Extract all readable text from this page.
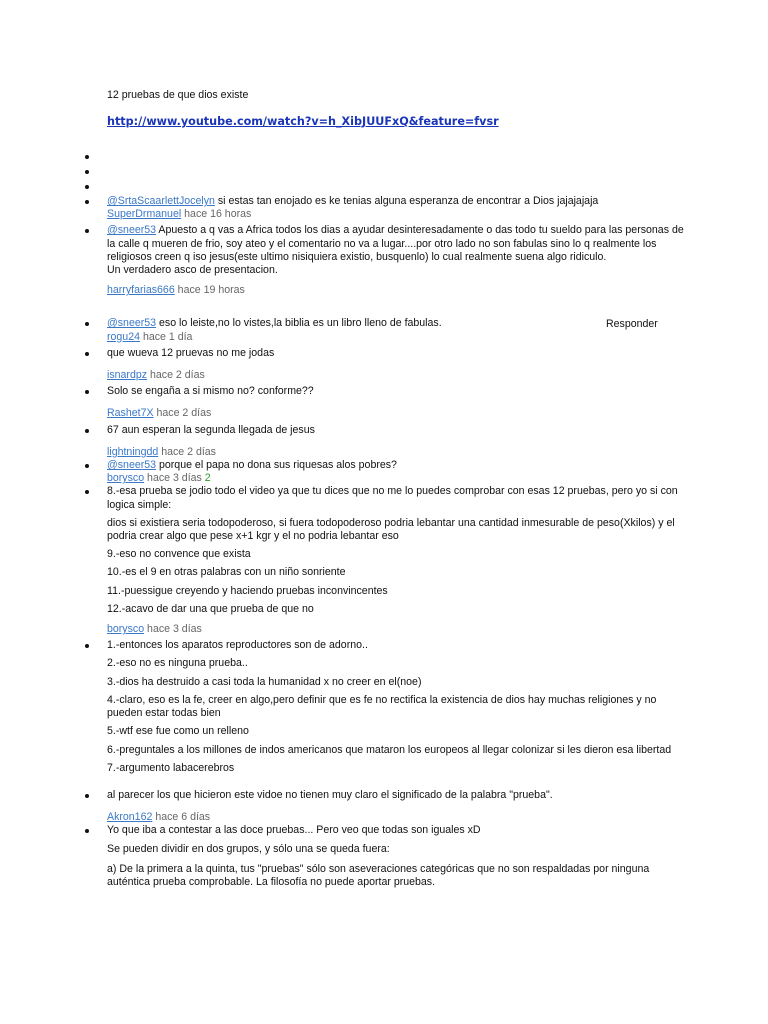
12 pruebas de que dios existe
http://www.youtube.com/watch?v=h_XibJUUFxQ&feature=fvsr
@SrtaScaarlettJocelyn si estas tan enojado es ke tenias alguna esperanza de encontrar a Dios jajajajaja
SuperDrmanuel hace 16 horas
@sneer53 Apuesto a q vas a Africa todos los dias a ayudar desinteresadamente o das todo tu sueldo para las personas de la calle q mueren de frio, soy ateo y el comentario no va a lugar....por otro lado no son fabulas sino lo q realmente los religiosos creen q iso jesus(este ultimo nisiquiera existio, busquenlo) lo cual realmente suena algo ridiculo.
Un verdadero asco de presentacion.
harryfarias666 hace 19 horas
@sneer53 eso lo leiste,no lo vistes,la biblia es un libro lleno de fabulas.
rogu24 hace 1 día
que wueva 12 pruevas no me jodas
isnardpz hace 2 días
Solo se engaña a si mismo no? conforme??
Rashet7X hace 2 días
67 aun esperan la segunda llegada de jesus
lightningdd hace 2 días
@sneer53 porque el papa no dona sus riquesas alos pobres?
borysco hace 3 días 2
8.-esa prueba se jodio todo el video ya que tu dices que no me lo puedes comprobar con esas 12 pruebas, pero yo si con logica simple:
dios si existiera seria todopoderoso, si fuera todopoderoso podria lebantar una cantidad inmesurable de peso(Xkilos) y el podria crear algo que pese x+1 kgr y el no podria lebantar eso
9.-eso no convence que exista
10.-es el 9 en otras palabras con un niño sonriente
11.-puessigue creyendo y haciendo pruebas inconvincentes
12.-acavo de dar una que prueba de que no
borysco hace 3 días
1.-entonces los aparatos reproductores son de adorno..
2.-eso no es ninguna prueba..
3.-dios ha destruido a casi toda la humanidad x no creer en el(noe)
4.-claro, eso es la fe, creer en algo,pero definir que es fe no rectifica la existencia de dios hay muchas religiones y no pueden estar todas bien
5.-wtf ese fue como un relleno
6.-preguntales a los millones de indos americanos que mataron los europeos al llegar colonizar si les dieron esa libertad
7.-argumento labacerebros
al parecer los que hicieron este vidoe no tienen muy claro el significado de la palabra "prueba".
Akron162 hace 6 días
Yo que iba a contestar a las doce pruebas... Pero veo que todas son iguales xD
Se pueden dividir en dos grupos, y sólo una se queda fuera:
a) De la primera a la quinta, tus "pruebas" sólo son aseveraciones categóricas que no son respaldadas por ninguna auténtica prueba comprobable. La filosofía no puede aportar pruebas.
Responder
